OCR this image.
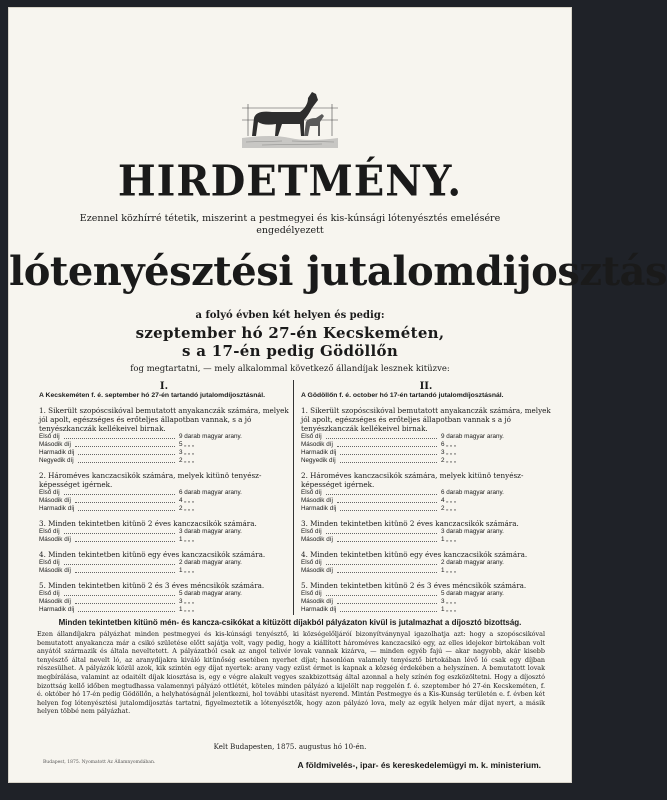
HIRDETMÉNY.
Ezennel közhírré tétetik, miszerint a pestmegyei és kis-kúnsági lótenyésztés emelésére engedélyezett
lótenyésztési jutalomdijosztás
a folyó évben két helyen és pedig:
szeptember hó 27-én Kecskeméten,
s a 17-én pedig Gödöllőn
fog megtartatni, — mely alkalommal következő állandíjak lesznek kitüzve:
I.
A Kecskeméten f. é. september hó 27-én tartandó jutalomdíjosztásnál.
1. Sikerült szopóscsikóval bemutatott anyakanczák számára, melyek jól apolt, egészséges és erőteljes állapotban vannak, s a jó tenyészkanczák kellékeivel birnak.
Első díj	9 darab magyar arany.
Második díj	5 „ „ „
Harmadik díj	3 „ „ „
Negyedik díj	2 „ „ „
2. Hároméves kanczacsikók számára, melyek kitünö tenyész-képességet igérnek.
Első díj	6 darab magyar arany.
Második díj	4 „ „ „
Harmadik díj	2 „ „ „
3. Minden tekintetben kitünö 2 éves kanczacsikók számára.
Első díj	3 darab magyar arany.
Második díj	1 „ „ „
4. Minden tekintetben kitünö egy éves kanczacsikók számára.
Első díj	2 darab magyar arany.
Második díj	1 „ „ „
5. Minden tekintetben kitünö 2 és 3 éves méncsikók számára.
Első díj	5 darab magyar arany.
Második díj	3 „ „ „
Harmadik díj	1 „ „ „
II.
A Gödöllőn f. é. october hó 17-én tartandó jutalomdíjosztásnál.
1. Sikerült szopóscsikóval bemutatott anyakanczák számára, melyek jól apolt, egészséges és erőteljes állapotban vannak s a jó tenyészkanczák kellékeivel birnak.
Első díj	9 darab magyar arany.
Második díj	6 „ „ „
Harmadik díj	3 „ „ „
Negyedik díj	2 „ „ „
2. Hároméves kanczacsikók számára, melyek kitünö tenyész-képességet igérnek.
Első díj	6 darab magyar arany.
Második díj	4 „ „ „
Harmadik díj	2 „ „ „
3. Minden tekintetben kitünö 2 éves kanczacsikók számára.
Első díj	3 darab magyar arany.
Második díj	1 „ „ „
4. Minden tekintetben kitünö egy éves kanczacsikók számára.
Első díj	2 darab magyar arany.
Második díj	1 „ „ „
5. Minden tekintetben kitünö 2 és 3 éves méncsikók számára.
Első díj	5 darab magyar arany.
Második díj	3 „ „ „
Harmadik díj	1 „ „ „
Minden tekintetben kitünö mén- és kancza-csikókat a kitüzött díjakból pályázaton kivül is jutalmazhat a díjosztó bizottság.
Ezen állandíjakra pályázhat minden pestmegyei és kis-kúnsági tenyésztő, ki községelőljáróí bizonyítványnyal igazolhatja azt: hogy a szopóscsikóval bemutatott anyakancza már a csikó születése előtt sajátja volt, vagy pedig, hogy a kiállított hároméves kanczacsikó egy, az elles idejekor birtokában volt anyától származik és általa neveltetett. A pályázatból csak az angol telivér lovak vannak kizárva, — minden egyéb fajú — akar nagyobb, akár kisebb tenyésztő által nevelt ló, az aranydíjakra kiváló kitünőség esetében nyerhet díjat; hasonlóan valamely tenyésztő birtokában lévő ló csak egy díjban részesülhet. A pályázók közül azok, kik szintén egy díjat nyertek: arany vagy ezüst érmet is kapnak a község érdekében a helyszínen. A bemutatott lovak megbírálása, valamint az odaitélt díjak kiosztása is, egy e végre alakult vegyes szakbizottság által azonnal a hely színén fog eszközöltetni. Hogy a díjosztó bizottság kellő időben megtudhassa valamennyi pályázó ottlétét, köteles minden pályázó a kijelölt nap reggelén f. é. szeptember hó 27-én Kecskeméten, f. é. október hó 17-én pedig Gödöllőn, a helyhatóságnál jelentkezni, hol további utasítást nyerend. Mintán Pestmegye és a Kis-Kunság területén e. f. évben két helyen fog lótenyésztési jutalomdíjosztás tartatni, figyelmeztetik a lótenyésztők, hogy azon pályázó lova, mely az egyik helyen már díjat nyert, a másik helyen többé nem pályázhat.
Kelt Budapesten, 1875. augustus hó 10-én.
Budapest, 1875. Nyomatott Az Államnyomdában.	A földmivelés-, ipar- és kereskedelemügyi m. k. ministerium.
